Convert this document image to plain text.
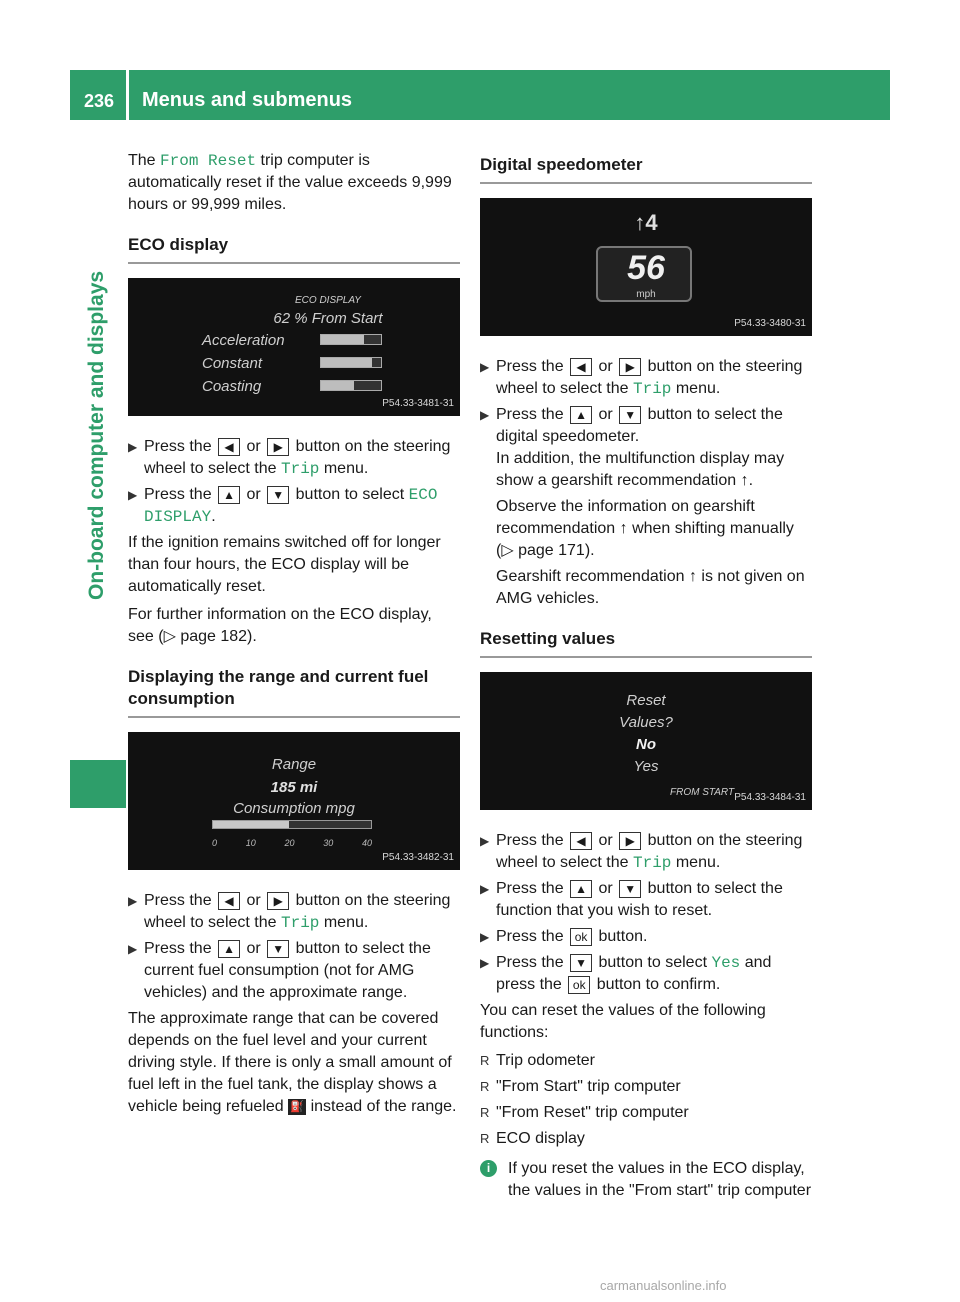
236 Menus and submenus
On-board computer and displays

The From Reset trip computer is automatically reset if the value exceeds 9,999 hours or 99,999 miles.

ECO display
ECO DISPLAY
62 % From Start
Acceleration
Constant
Coasting
P54.33-3481-31
▶ Press the ◀ or ▶ button on the steering wheel to select the Trip menu.
▶ Press the ▲ or ▼ button to select ECO DISPLAY.

If the ignition remains switched off for longer than four hours, the ECO display will be automatically reset.

For further information on the ECO display, see (▷ page 182).

Displaying the range and current fuel consumption
Range
185 mi
Consumption mpg
0	10	20	30	40
P54.33-3482-31
▶ Press the ◀ or ▶ button on the steering wheel to select the Trip menu.
▶ Press the ▲ or ▼ button to select the current fuel consumption (not for AMG vehicles) and the approximate range.

The approximate range that can be covered depends on the fuel level and your current driving style. If there is only a small amount of fuel left in the fuel tank, the display shows a vehicle being refueled ⛽ instead of the range.

Digital speedometer
↑4
56
mph
P54.33-3480-31
▶ Press the ◀ or ▶ button on the steering wheel to select the Trip menu.
▶ Press the ▲ or ▼ button to select the digital speedometer.
In addition, the multifunction display may show a gearshift recommendation ↑.
Observe the information on gearshift recommendation ↑ when shifting manually (▷ page 171).
Gearshift recommendation ↑ is not given on AMG vehicles.
Resetting values
Reset
Values?
No
Yes
FROM START P54.33-3484-31
▶ Press the ◀ or ▶ button on the steering wheel to select the Trip menu.
▶ Press the ▲ or ▼ button to select the function that you wish to reset.
▶ Press the ok button.
▶ Press the ▼ button to select Yes and press the ok button to confirm.

You can reset the values of the following functions:

R Trip odometer
R "From Start" trip computer
R "From Reset" trip computer
R ECO display
i	If you reset the values in the ECO display, the values in the "From start" trip computer
carmanualsonline.info
